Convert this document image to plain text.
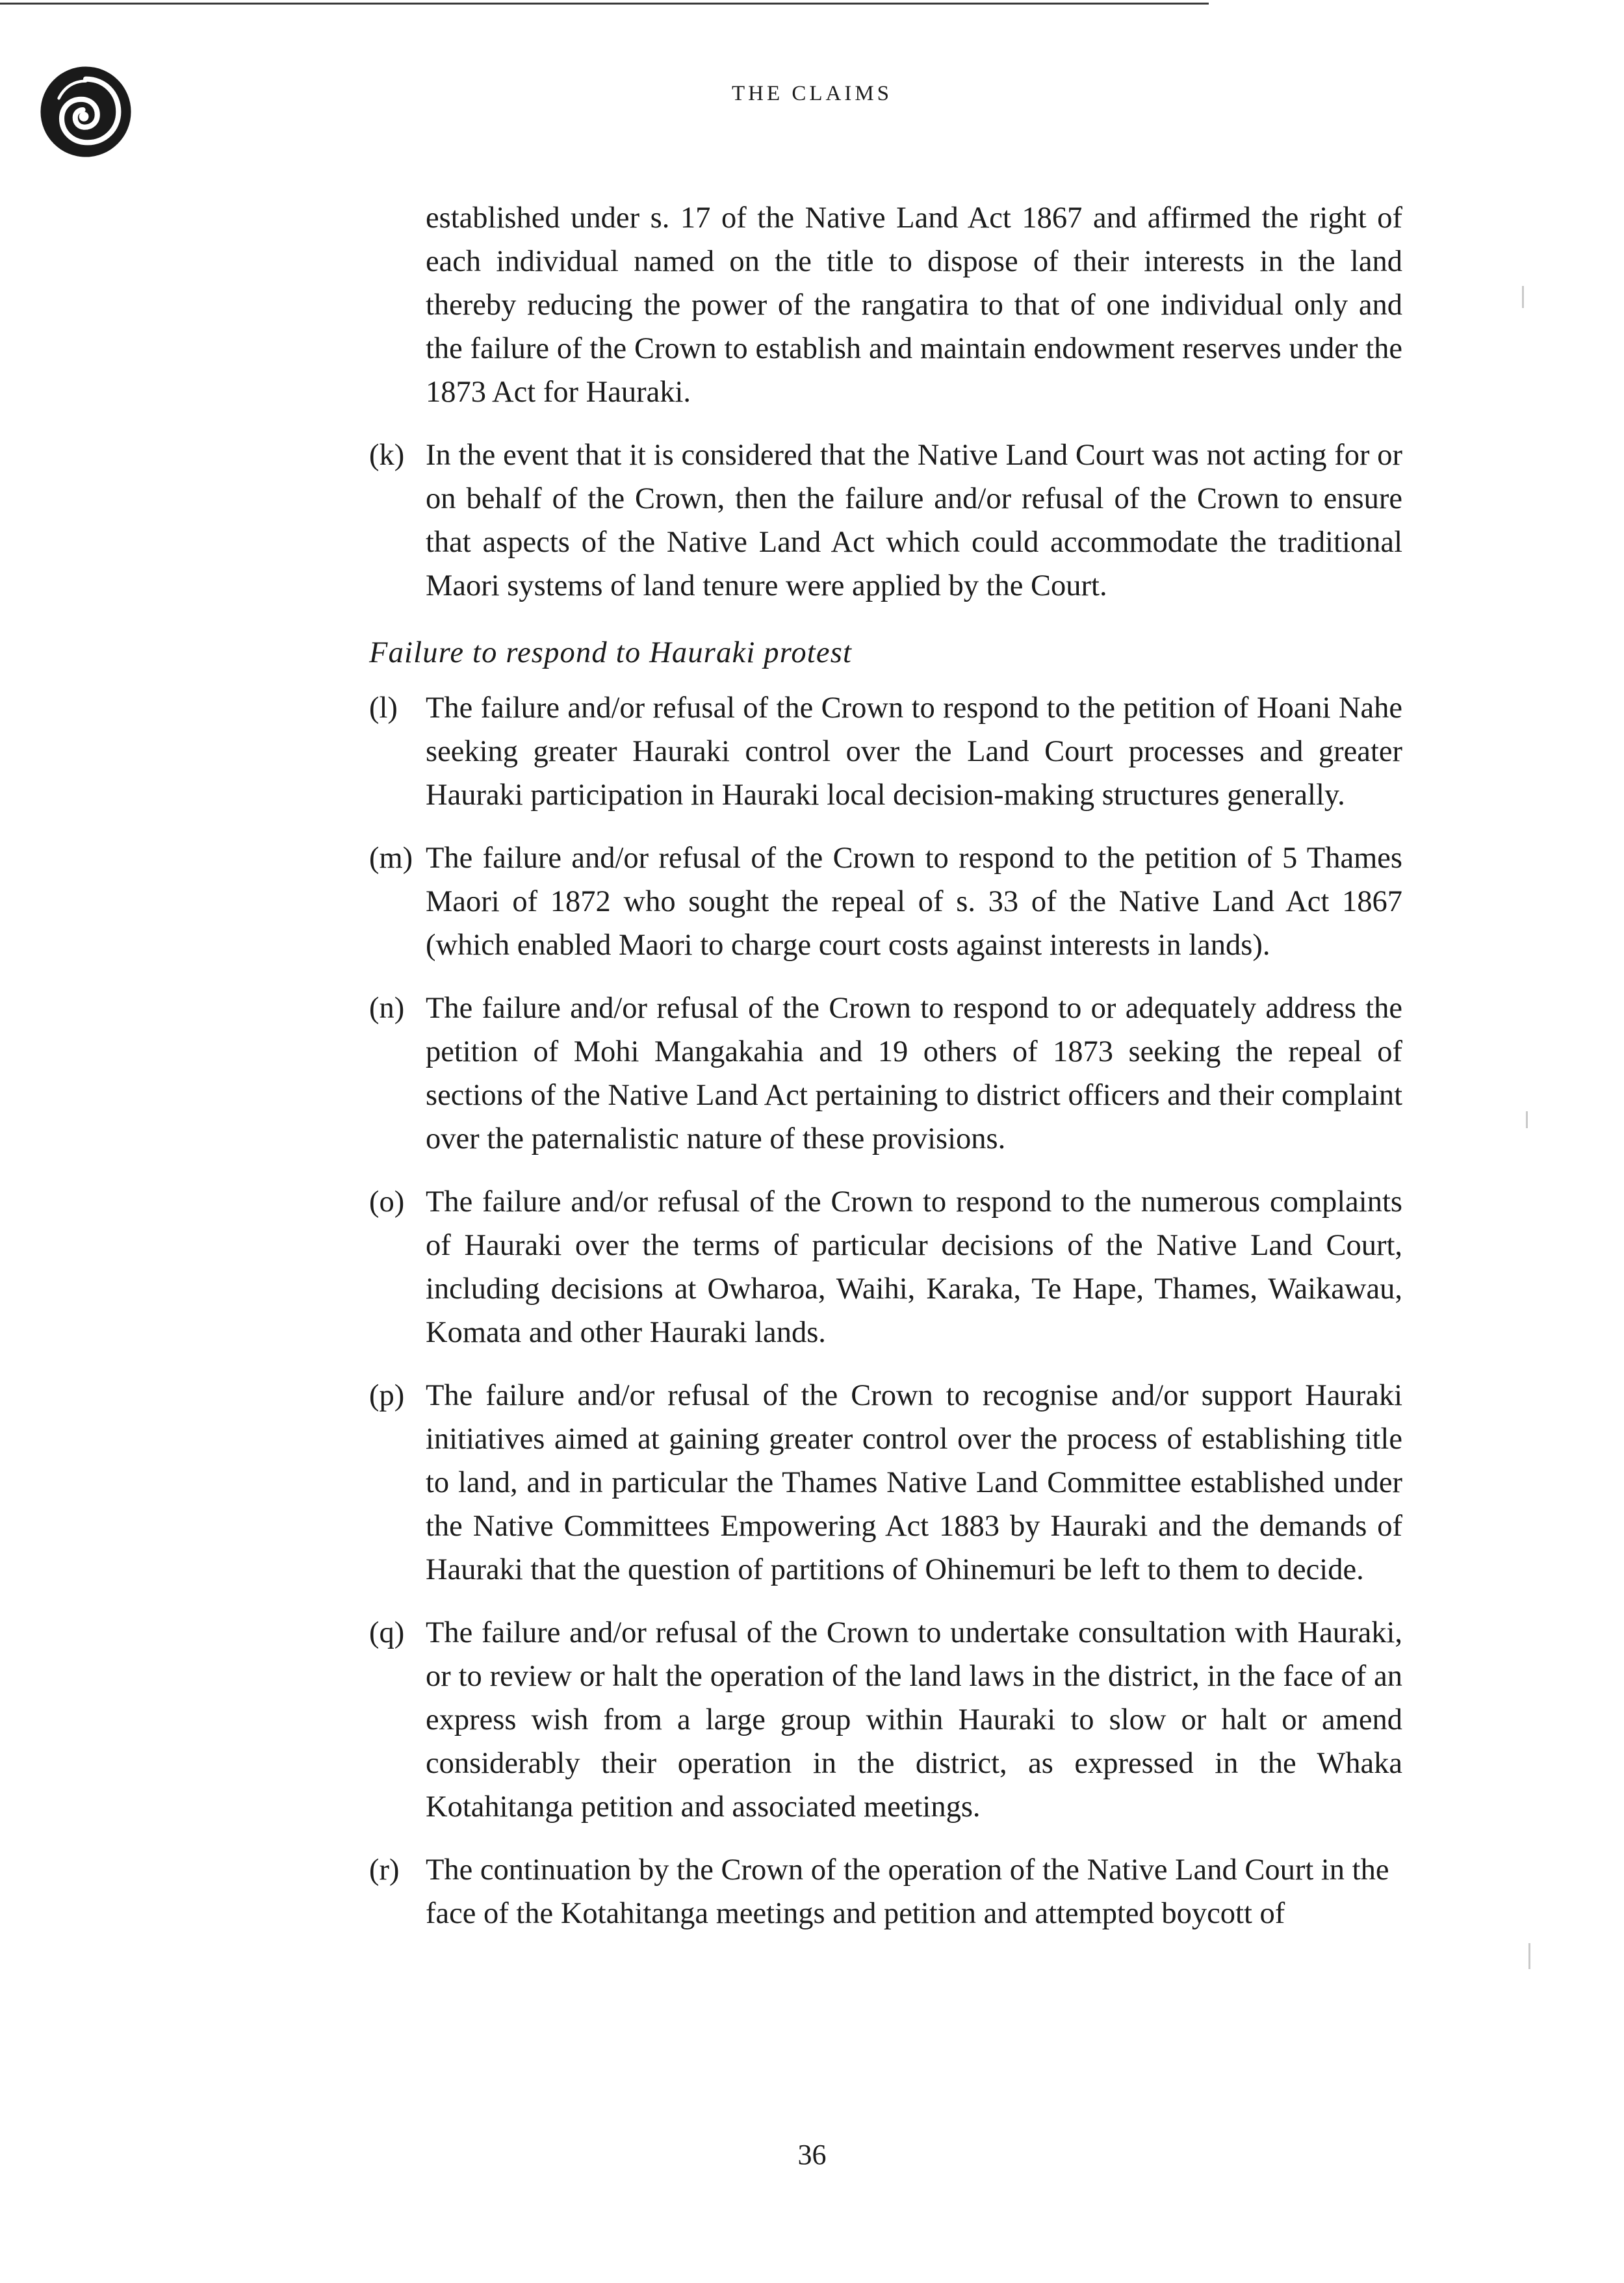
THE CLAIMS

established under s. 17 of the Native Land Act 1867 and affirmed the right of each individual named on the title to dispose of their interests in the land thereby reducing the power of the rangatira to that of one individual only and the failure of the Crown to establish and maintain endowment reserves under the 1873 Act for Hauraki.

(k) In the event that it is considered that the Native Land Court was not acting for or on behalf of the Crown, then the failure and/or refusal of the Crown to ensure that aspects of the Native Land Act which could accommodate the traditional Maori systems of land tenure were applied by the Court.
Failure to respond to Hauraki protest
(l) The failure and/or refusal of the Crown to respond to the petition of Hoani Nahe seeking greater Hauraki control over the Land Court processes and greater Hauraki participation in Hauraki local decision-making structures generally.
(m) The failure and/or refusal of the Crown to respond to the petition of 5 Thames Maori of 1872 who sought the repeal of s. 33 of the Native Land Act 1867 (which enabled Maori to charge court costs against interests in lands).
(n) The failure and/or refusal of the Crown to respond to or adequately address the petition of Mohi Mangakahia and 19 others of 1873 seeking the repeal of sections of the Native Land Act pertaining to district officers and their complaint over the paternalistic nature of these provisions.
(o) The failure and/or refusal of the Crown to respond to the numerous complaints of Hauraki over the terms of particular decisions of the Native Land Court, including decisions at Owharoa, Waihi, Karaka, Te Hape, Thames, Waikawau, Komata and other Hauraki lands.
(p) The failure and/or refusal of the Crown to recognise and/or support Hauraki initiatives aimed at gaining greater control over the process of establishing title to land, and in particular the Thames Native Land Committee established under the Native Committees Empowering Act 1883 by Hauraki and the demands of Hauraki that the question of partitions of Ohinemuri be left to them to decide.
(q) The failure and/or refusal of the Crown to undertake consultation with Hauraki, or to review or halt the operation of the land laws in the district, in the face of an express wish from a large group within Hauraki to slow or halt or amend considerably their operation in the district, as expressed in the Whaka Kotahitanga petition and associated meetings.
(r) The continuation by the Crown of the operation of the Native Land Court in the face of the Kotahitanga meetings and petition and attempted boycott of
36
